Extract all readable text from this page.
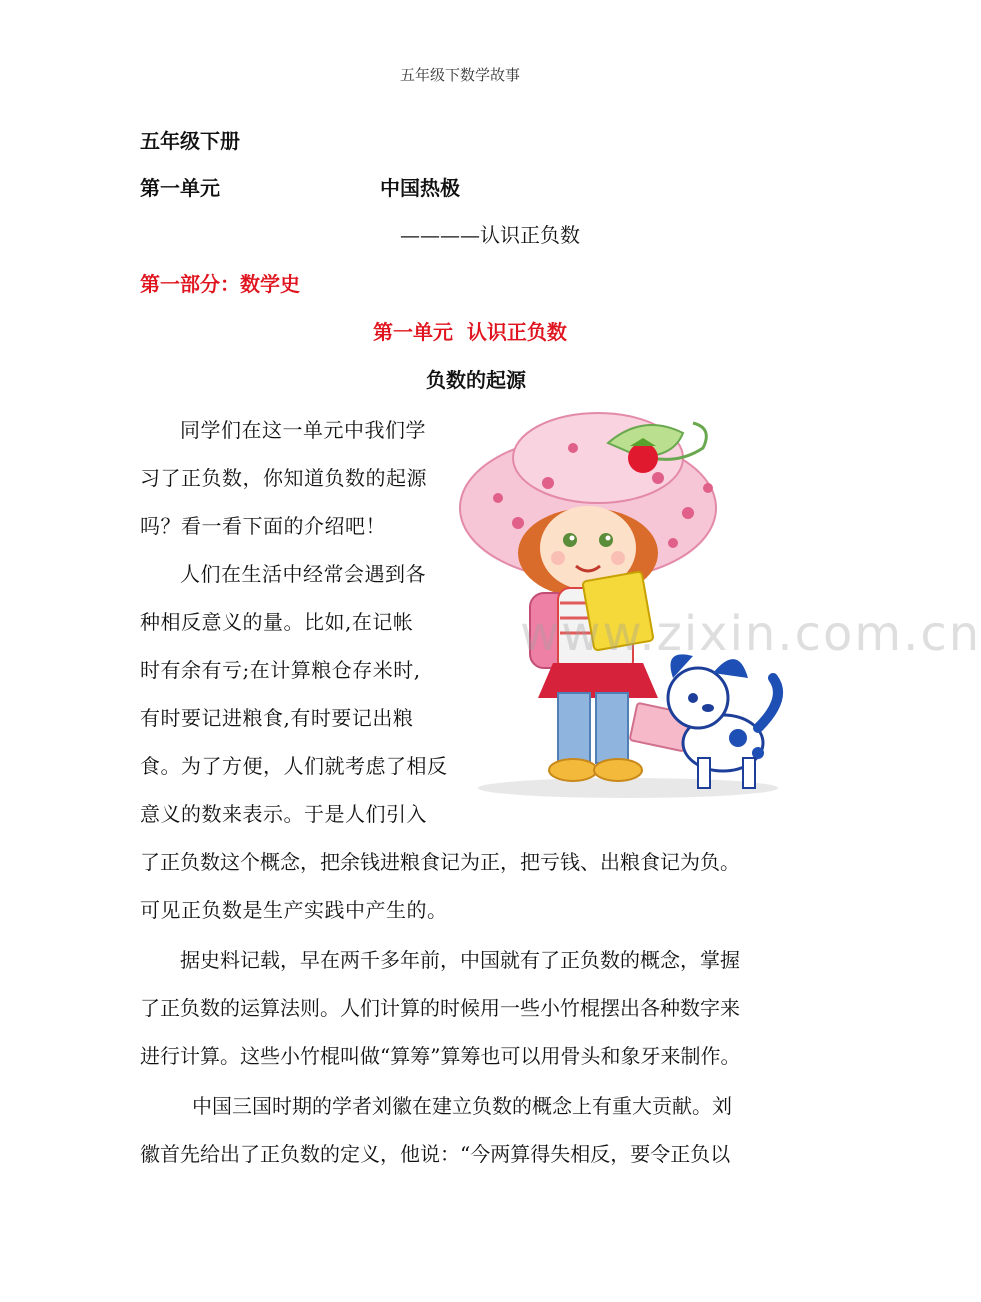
五年级下数学故事
五年级下册
第一单元	中国热极
————认识正负数
第一部分：数学史
第一单元  认识正负数
负数的起源
同学们在这一单元中我们学
习了正负数，你知道负数的起源
吗？看一看下面的介绍吧！
人们在生活中经常会遇到各
种相反意义的量。比如,在记帐
时有余有亏;在计算粮仓存米时,
有时要记进粮食,有时要记出粮
食。为了方便，人们就考虑了相反
意义的数来表示。于是人们引入
了正负数这个概念，把余钱进粮食记为正，把亏钱、出粮食记为负。
可见正负数是生产实践中产生的。
据史料记载，早在两千多年前，中国就有了正负数的概念，掌握
了正负数的运算法则。人们计算的时候用一些小竹棍摆出各种数字来
进行计算。这些小竹棍叫做“算筹”算筹也可以用骨头和象牙来制作。
中国三国时期的学者刘徽在建立负数的概念上有重大贡献。刘
徽首先给出了正负数的定义，他说：“今两算得失相反，要令正负以
www.zixin.com.cn
